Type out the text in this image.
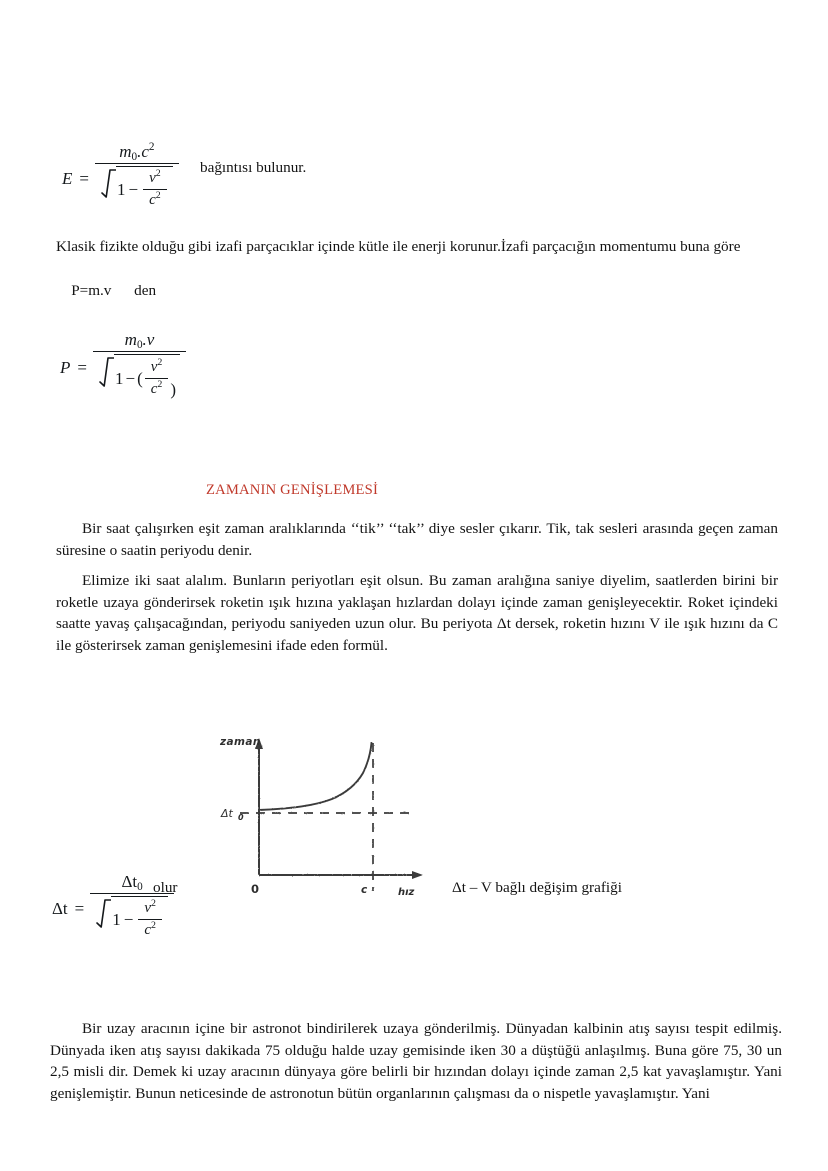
E =
$m_0.c^2$
$1 - \frac{v^2}{c^2}$
bağıntısı bulunur.
Klasik fizikte olduğu gibi izafi parçacıklar içinde kütle ile enerji korunur.İzafi parçacığın momentumu buna göre

P=m.v      den

P =
$m_0.v$
1 − ( $\frac{v^2}{c^2}$ )
ZAMANIN GENİŞLEMESİ
Bir saat çalışırken eşit zaman aralıklarında ‘‘tik’’ ‘‘tak’’ diye sesler çıkarır. Tik, tak sesleri arasında geçen zaman süresine o saatin periyodu denir.
Elimize iki saat alalım. Bunların periyotları eşit olsun. Bu zaman aralığına saniye diyelim, saatlerden birini bir roketle uzaya gönderirsek roketin ışık hızına yaklaşan hızlardan dolayı içinde zaman genişleyecektir. Roket içindeki saatte yavaş çalışacağından, periyodu saniyeden uzun olur. Bu periyota Δt dersek, roketin hızını V ile ışık hızını da C ile gösterirsek zaman genişlemesini ifade eden formül.
zaman
Δt 0
0	c	hız
Δt =
$\Delta t_0$
$1 - \frac{v^2}{c^2}$
olur	Δt – V bağlı değişim grafiği
Bir uzay aracının içine bir astronot bindirilerek uzaya gönderilmiş. Dünyadan kalbinin atış sayısı tespit edilmiş. Dünyada iken atış sayısı dakikada 75 olduğu halde uzay gemisinde iken 30 a düştüğü anlaşılmış. Buna göre 75, 30 un 2,5 misli dir. Demek ki uzay aracının dünyaya göre belirli bir hızından dolayı içinde zaman 2,5 kat yavaşlamıştır. Yani genişlemiştir. Bunun neticesinde de astronotun bütün organlarının çalışması da o nispetle yavaşlamıştır. Yani
